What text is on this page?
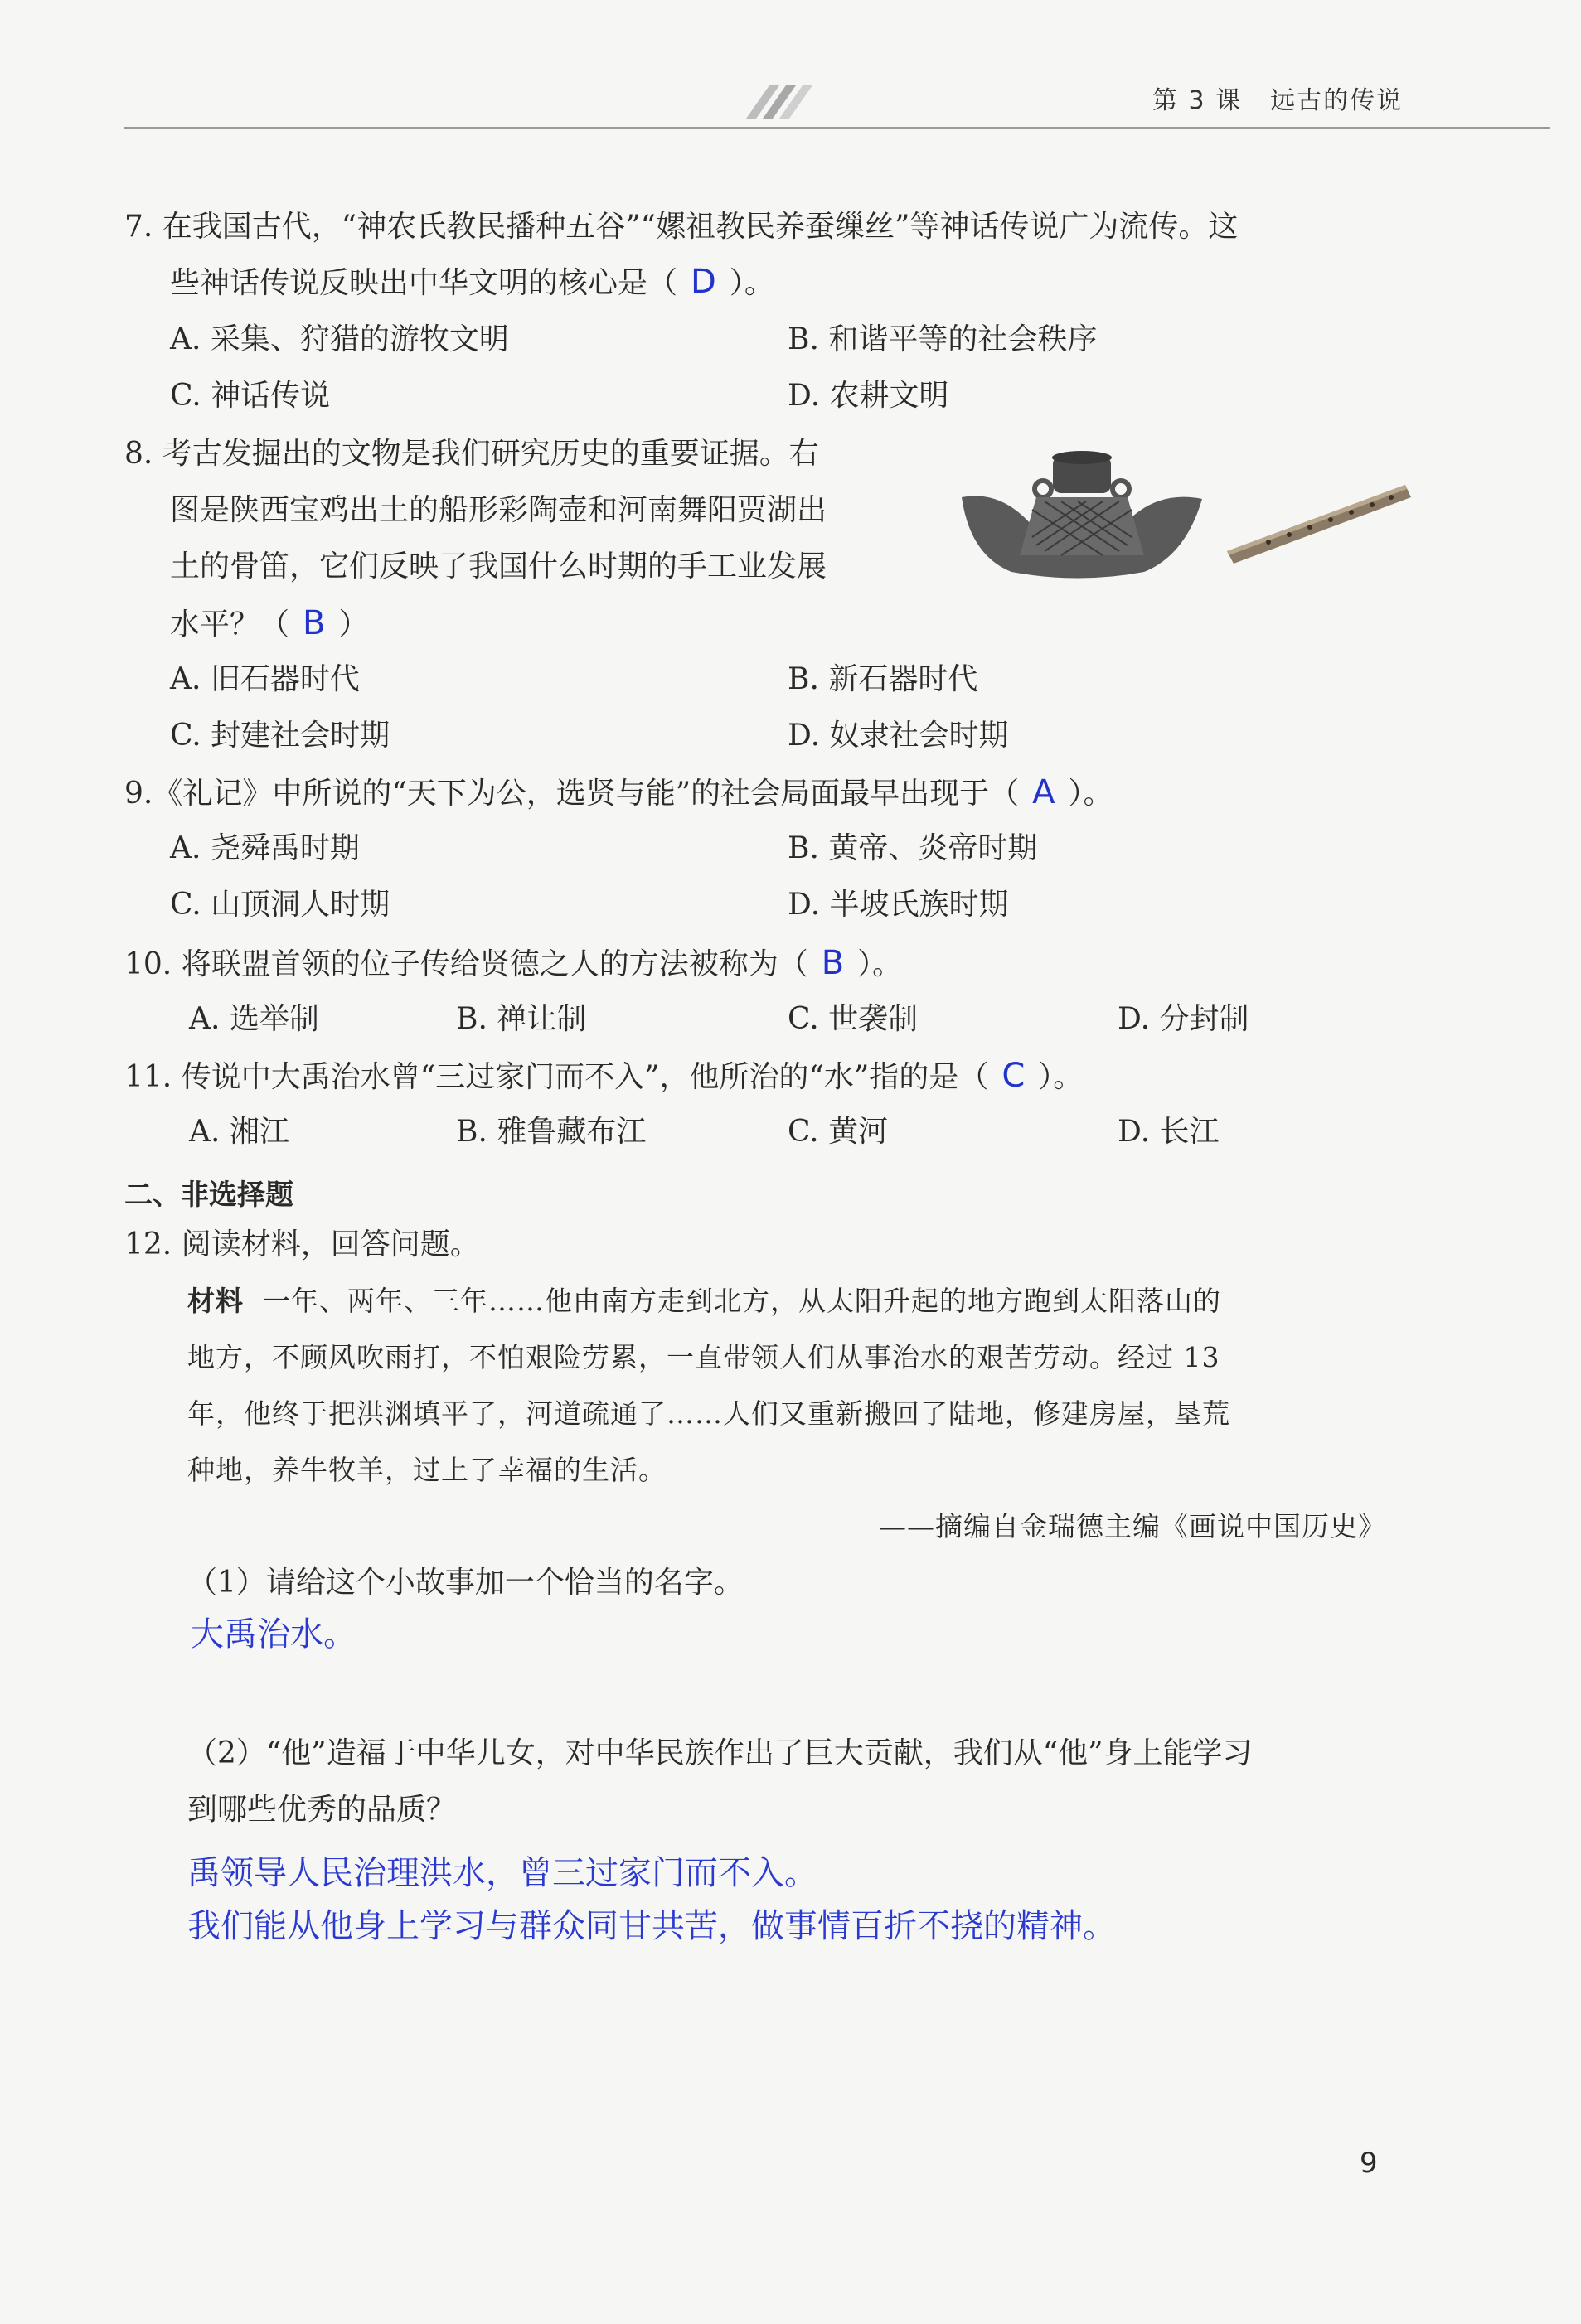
第 3 课 远古的传说
7. 在我国古代，“神农氏教民播种五谷”“嫘祖教民养蚕缫丝”等神话传说广为流传。这
些神话传说反映出中华文明的核心是（ D ）。
A. 采集、狩猎的游牧文明	B. 和谐平等的社会秩序
C. 神话传说	D. 农耕文明
8. 考古发掘出的文物是我们研究历史的重要证据。右
图是陕西宝鸡出土的船形彩陶壶和河南舞阳贾湖出
土的骨笛，它们反映了我国什么时期的手工业发展
水平？（ B ）
A. 旧石器时代	B. 新石器时代
C. 封建社会时期	D. 奴隶社会时期
9.《礼记》中所说的“天下为公，选贤与能”的社会局面最早出现于（ A ）。
A. 尧舜禹时期	B. 黄帝、炎帝时期
C. 山顶洞人时期	D. 半坡氏族时期
10. 将联盟首领的位子传给贤德之人的方法被称为（ B ）。
A. 选举制	B. 禅让制	C. 世袭制	D. 分封制
11. 传说中大禹治水曾“三过家门而不入”，他所治的“水”指的是（ C ）。
A. 湘江	B. 雅鲁藏布江	C. 黄河	D. 长江
二、非选择题
12. 阅读材料，回答问题。
材料 一年、两年、三年……他由南方走到北方，从太阳升起的地方跑到太阳落山的
地方，不顾风吹雨打，不怕艰险劳累，一直带领人们从事治水的艰苦劳动。经过 13
年，他终于把洪渊填平了，河道疏通了……人们又重新搬回了陆地，修建房屋，垦荒
种地，养牛牧羊，过上了幸福的生活。
——摘编自金瑞德主编《画说中国历史》
（1）请给这个小故事加一个恰当的名字。
大禹治水。
（2）“他”造福于中华儿女，对中华民族作出了巨大贡献，我们从“他”身上能学习
到哪些优秀的品质？
禹领导人民治理洪水，曾三过家门而不入。
我们能从他身上学习与群众同甘共苦，做事情百折不挠的精神。
9
